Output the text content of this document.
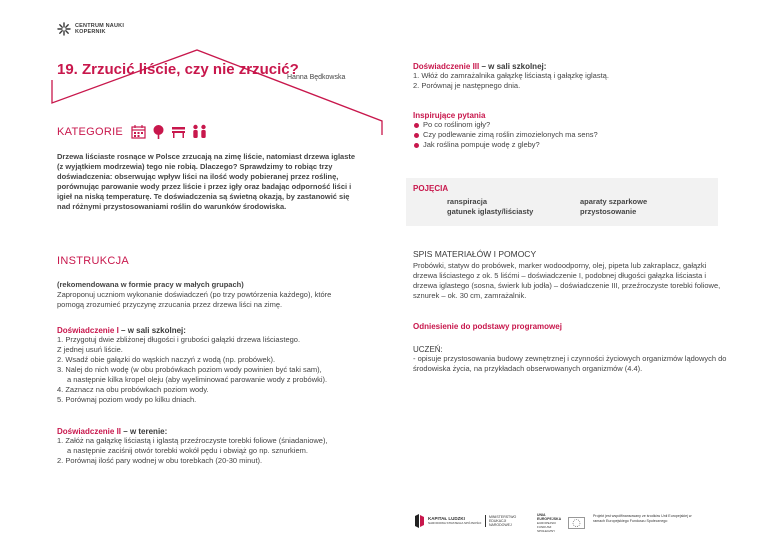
CENTRUM NAUKI
KOPERNIK
19. Zrzucić liście, czy nie zrzucić?
Hanna Będkowska
KATEGORIE
Drzewa liściaste rosnące w Polsce zrzucają na zimę liście, natomiast drzewa iglaste (z wyjątkiem modrzewia) tego nie robią. Dlaczego? Sprawdzimy to robiąc trzy doświadczenia: obserwując wpływ liści na ilość wody pobieranej przez roślinę, porównując parowanie wody przez liście i przez igły oraz badając odporność liści i igieł na niską temperaturę. Te doświadczenia są świetną okazją, by zastanowić się nad różnymi przystosowaniami roślin do warunków środowiska.
INSTRUKCJA
(rekomendowana w formie pracy w małych grupach)
Zaproponuj uczniom wykonanie doświadczeń (po trzy powtórzenia każdego), które pomogą zrozumieć przyczynę zrzucania przez drzewa liści na zimę.
Doświadczenie I – w sali szkolnej:
1. Przygotuj dwie zbliżonej długości i grubości gałązki drzewa liściastego.
Z jednej usuń liście.
2. Wsadź obie gałązki do wąskich naczyń z wodą (np. probówek).
3. Nalej do nich wodę (w obu probówkach poziom wody powinien być taki sam),
a następnie kilka kropel oleju (aby wyeliminować parowanie wody z probówki).
4. Zaznacz na obu probówkach poziom wody.
5. Porównaj poziom wody po kilku dniach.
Doświadczenie II – w terenie:
1. Załóż na gałązkę liściastą i iglastą przeźroczyste torebki foliowe (śniadaniowe),
a następnie zaciśnij otwór torebki wokół pędu i obwiąż go np. sznurkiem.
2. Porównaj ilość pary wodnej w obu torebkach (20-30 minut).
Doświadczenie III – w sali szkolnej:
1. Włóż do zamrażalnika gałązkę liściastą i gałązkę iglastą.
2. Porównaj je następnego dnia.
Inspirujące pytania
Po co roślinom igły?
Czy podlewanie zimą roślin zimozielonych ma sens?
Jak roślina pompuje wodę z gleby?
POJĘCIA
ranspiracja
gatunek iglasty/liściasty
aparaty szparkowe
przystosowanie
SPIS MATERIAŁÓW I POMOCY
Probówki, statyw do probówek, marker wodoodporny, olej, pipeta lub zakraplacz, gałązki drzewa liściastego z ok. 5 liśćmi – doświadczenie I, podobnej długości gałązka liściasta i drzewa iglastego (sosna, świerk lub jodła) – doświadczenie III, przeźroczyste torebki foliowe, sznurek – ok. 30 cm, zamrażalnik.
Odniesienie do podstawy programowej
UCZEŃ:
- opisuje przystosowania budowy zewnętrznej i czynności życiowych organizmów lądowych do środowiska życia, na przykładach obserwowanych organizmów (4.4).
KAPITAŁ LUDZKI
NARODOWA STRATEGIA SPÓJNOŚCI
MINISTERSTWO EDUKACJI NARODOWEJ
UNIA EUROPEJSKA
EUROPEJSKI FUNDUSZ SPOŁECZNY
Projekt jest współfinansowany ze środków Unii Europejskiej w ramach Europejskiego Funduszu Społecznego
